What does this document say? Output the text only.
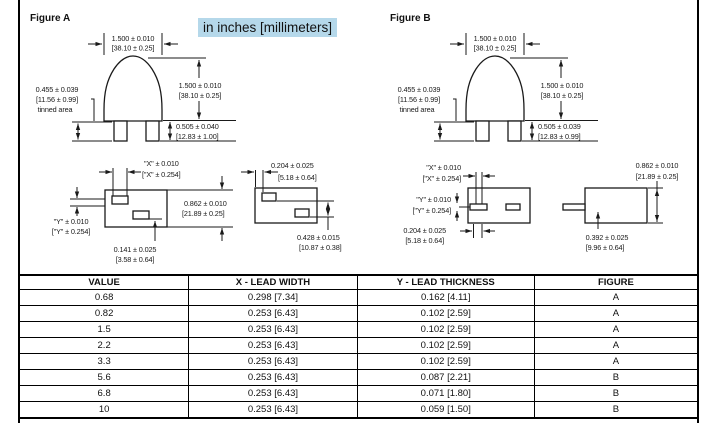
Figure A	Figure B
in inches [millimeters]
1.500 ± 0.010
[38.10 ± 0.25]
1.500 ± 0.010
[38.10 ± 0.25]
0.505 ± 0.040
[12.83 ± 1.00]
0.455 ± 0.039
[11.56 ± 0.99]
tinned area
1.500 ± 0.010
[38.10 ± 0.25]
1.500 ± 0.010
[38.10 ± 0.25]
0.505 ± 0.039
[12.83 ± 0.99]
0.455 ± 0.039
[11.56 ± 0.99]
tinned area
"X" ± 0.010
["X" ± 0.254]
"Y" ± 0.010
["Y" ± 0.254]
0.862 ± 0.010
[21.89 ± 0.25]
0.141 ± 0.025
[3.58 ± 0.64]
0.204 ± 0.025
[5.18 ± 0.64]
0.428 ± 0.015
[10.87 ± 0.38]
"X" ± 0.010
["X" ± 0.254]
"Y" ± 0.010
["Y" ± 0.254]
0.204 ± 0.025
[5.18 ± 0.64]
0.862 ± 0.010
[21.89 ± 0.25]
0.392 ± 0.025
[9.96 ± 0.64]
VALUE	X - LEAD WIDTH	Y - LEAD THICKNESS	FIGURE
0.68	0.298 [7.34]	0.162 [4.11]	A
0.82	0.253 [6.43]	0.102 [2.59]	A
1.5	0.253 [6.43]	0.102 [2.59]	A
2.2	0.253 [6.43]	0.102 [2.59]	A
3.3	0.253 [6.43]	0.102 [2.59]	A
5.6	0.253 [6.43]	0.087 [2.21]	B
6.8	0.253 [6.43]	0.071 [1.80]	B
10	0.253 [6.43]	0.059 [1.50]	B
